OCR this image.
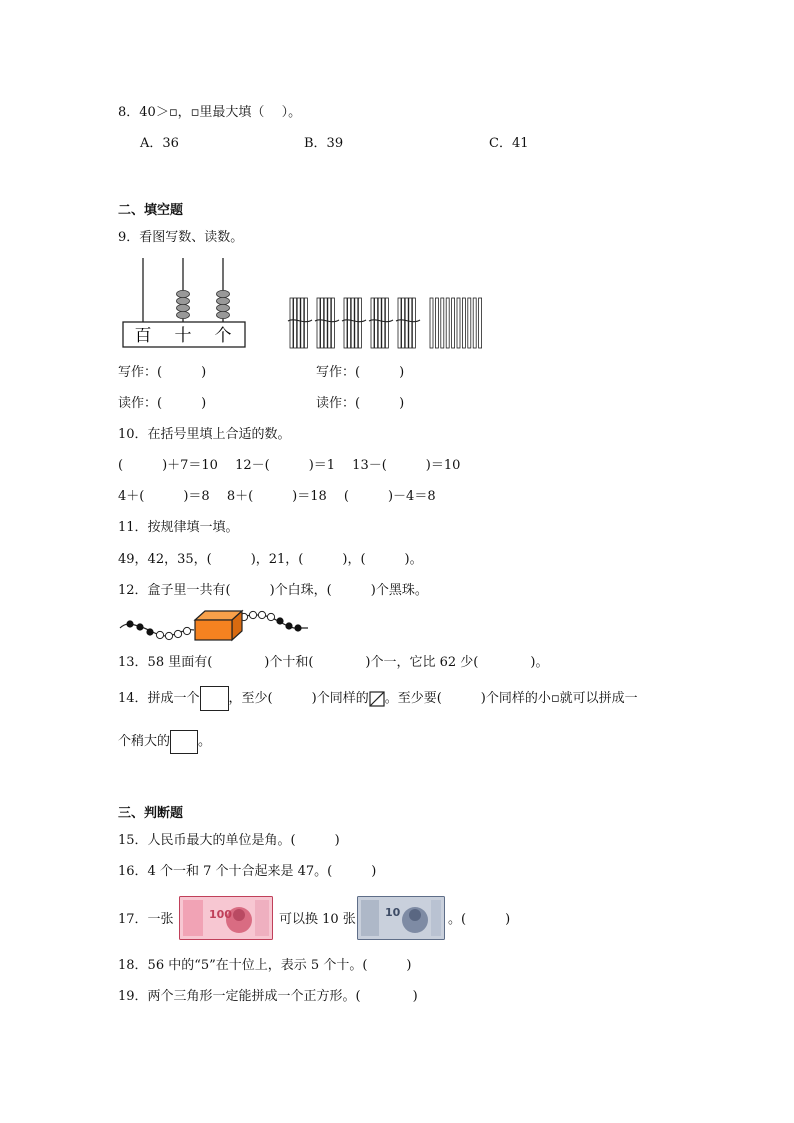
8．40＞▫，▫里最大填（　 ）。
A．36	B．39	C．41
二、填空题
9．看图写数、读数。
百 十 个
写作：(　　　)	写作：(　　　)
读作：(　　　)	读作：(　　　)
10．在括号里填上合适的数。
(　　　)＋7＝10　 12－(　　　)＝1　 13－(　　　)＝10
4＋(　　　)＝8　 8＋(　　　)＝18　 (　　　)－4＝8
11．按规律填一填。
49，42，35，(　　　)，21，(　　　)，(　　　)。
12．盒子里一共有(　　　)个白珠，(　　　)个黑珠。
13．58 里面有(　　　　)个十和(　　　　)个一，它比 62 少(　　　　)。
14．拼成一个 ，至少(　　　)个同样的 。至少要(　　　)个同样的小▫就可以拼成一
个稍大的 。
三、判断题
15．人民币最大的单位是角。(　　　)
16．4 个一和 7 个十合起来是 47。(　　　)
17．一张	100	可以换 10 张	10	。(　　　)
18．56 中的“5”在十位上，表示 5 个十。(　　　)
19．两个三角形一定能拼成一个正方形。(　　　　)
